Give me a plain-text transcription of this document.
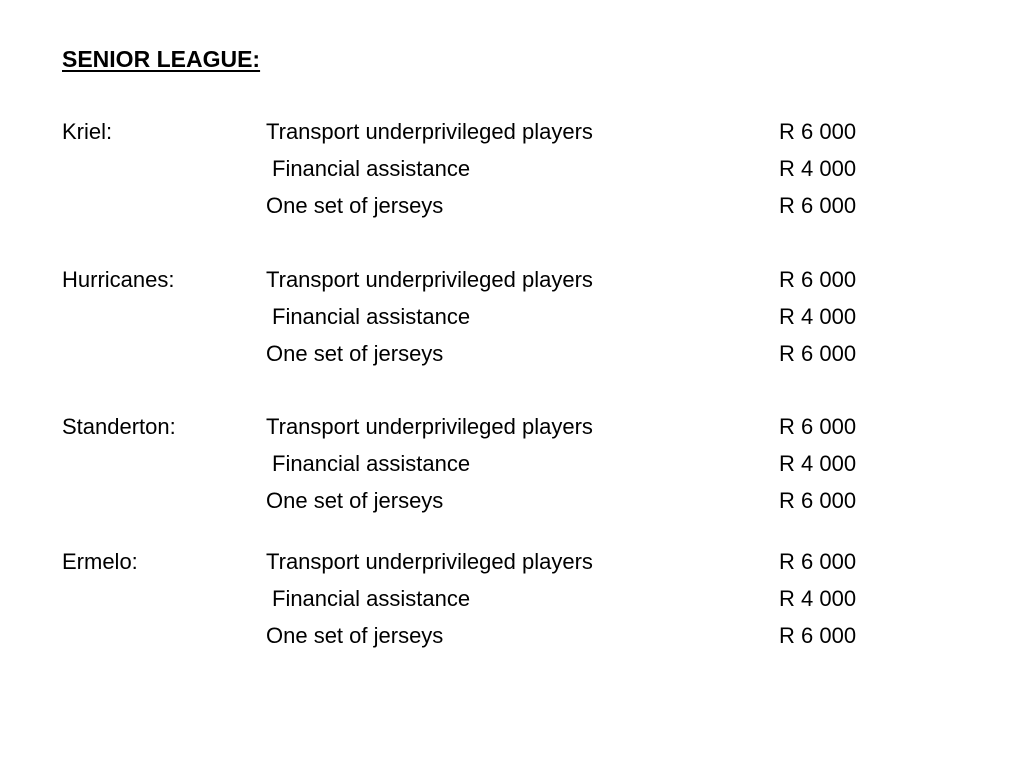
SENIOR LEAGUE:
Kriel:	Transport underprivileged players	R 6 000
Financial assistance	R 4 000
One set of jerseys	R 6 000
Hurricanes:	Transport underprivileged players	R 6 000
Financial assistance	R 4 000
One set of jerseys	R 6 000
Standerton:	Transport underprivileged players	R 6 000
Financial assistance	R 4 000
One set of jerseys	R 6 000
Ermelo:	Transport underprivileged players	R 6 000
Financial assistance	R 4 000
One set of jerseys	R 6 000
